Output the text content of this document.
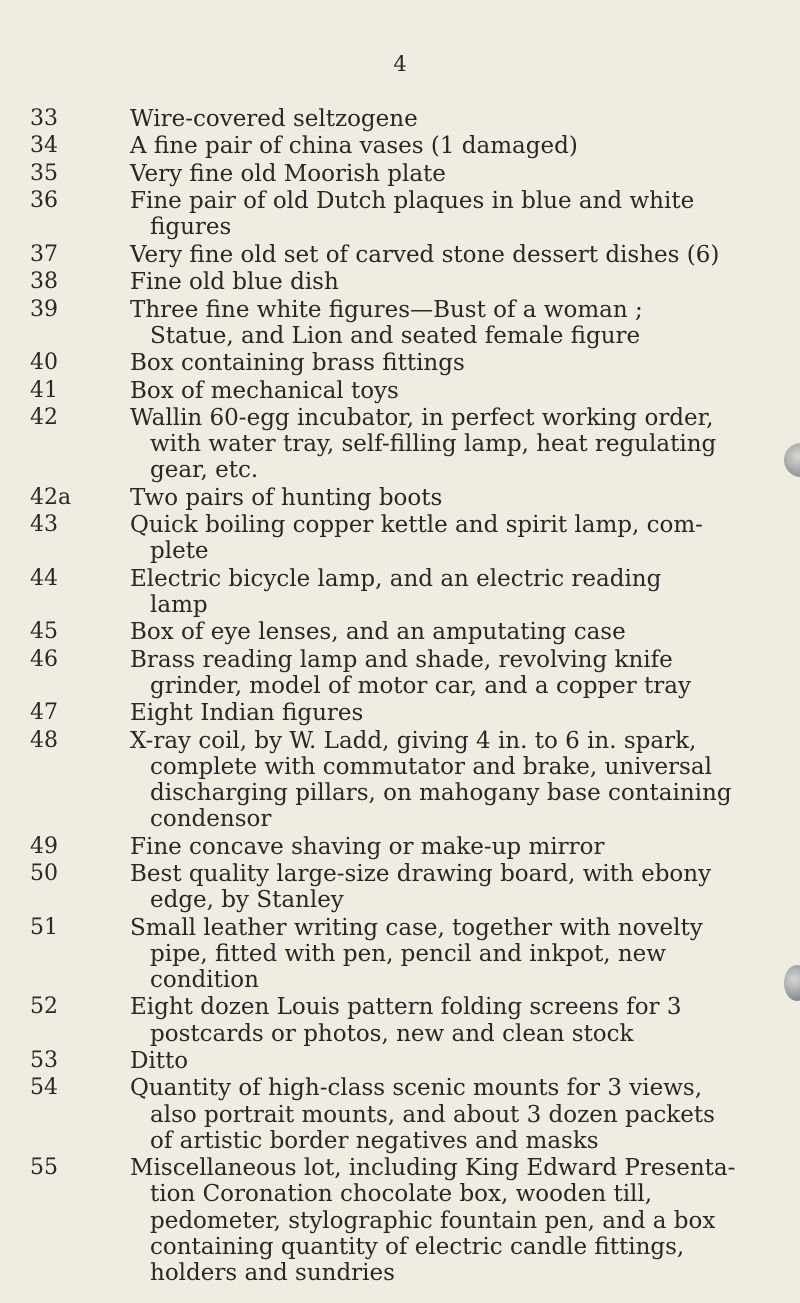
4
33	Wire-covered seltzogene
34	A fine pair of china vases (1 damaged)
35	Very fine old Moorish plate
36	Fine pair of old Dutch plaques in blue and white
figures
37	Very fine old set of carved stone dessert dishes (6)
38	Fine old blue dish
39	Three fine white figures—Bust of a woman ;
Statue, and Lion and seated female figure
40	Box containing brass fittings
41	Box of mechanical toys
42	Wallin 60-egg incubator, in perfect working order,
with water tray, self-filling lamp, heat regulating
gear, etc.
42a	Two pairs of hunting boots
43	Quick boiling copper kettle and spirit lamp, com-
plete
44	Electric bicycle lamp, and an electric reading
lamp
45	Box of eye lenses, and an amputating case
46	Brass reading lamp and shade, revolving knife
grinder, model of motor car, and a copper tray
47	Eight Indian figures
48	X-ray coil, by W. Ladd, giving 4 in. to 6 in. spark,
complete with commutator and brake, universal
discharging pillars, on mahogany base containing
condensor
49	Fine concave shaving or make-up mirror
50	Best quality large-size drawing board, with ebony
edge, by Stanley
51	Small leather writing case, together with novelty
pipe, fitted with pen, pencil and inkpot, new
condition
52	Eight dozen Louis pattern folding screens for 3
postcards or photos, new and clean stock
53	Ditto
54	Quantity of high-class scenic mounts for 3 views,
also portrait mounts, and about 3 dozen packets
of artistic border negatives and masks
55	Miscellaneous lot, including King Edward Presenta-
tion Coronation chocolate box, wooden till,
pedometer, stylographic fountain pen, and a box
containing quantity of electric candle fittings,
holders and sundries
